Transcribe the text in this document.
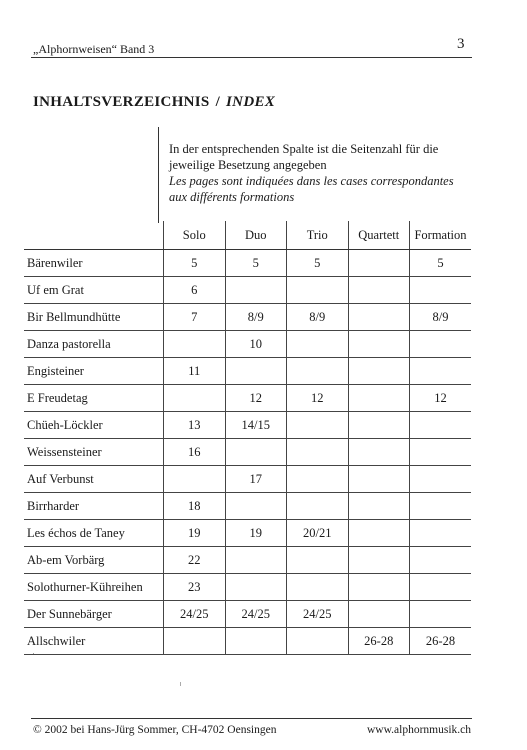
„Alphornweisen“ Band 3	3
INHALTSVERZEICHNIS / INDEX
In der entsprechenden Spalte ist die Seitenzahl für die
jeweilige Besetzung angegeben
Les pages sont indiquées dans les cases correspondantes
aux différents formations
	Solo	Duo	Trio	Quartett	Formation
Bärenwiler	5	5	5		5
Uf em Grat	6				
Bir Bellmundhütte	7	8/9	8/9		8/9
Danza pastorella		10			
Engisteiner	11				
E Freudetag		12	12		12
Chüeh-Löckler	13	14/15			
Weissensteiner	16				
Auf Verbunst		17			
Birrharder	18				
Les échos de Taney	19	19	20/21		
Ab-em Vorbärg	22				
Solothurner-Kühreihen	23				
Der Sunnebärger	24/25	24/25	24/25		
Allschwiler				26-28	26-28
© 2002 bei Hans-Jürg Sommer, CH-4702 Oensingen	www.alphornmusik.ch
